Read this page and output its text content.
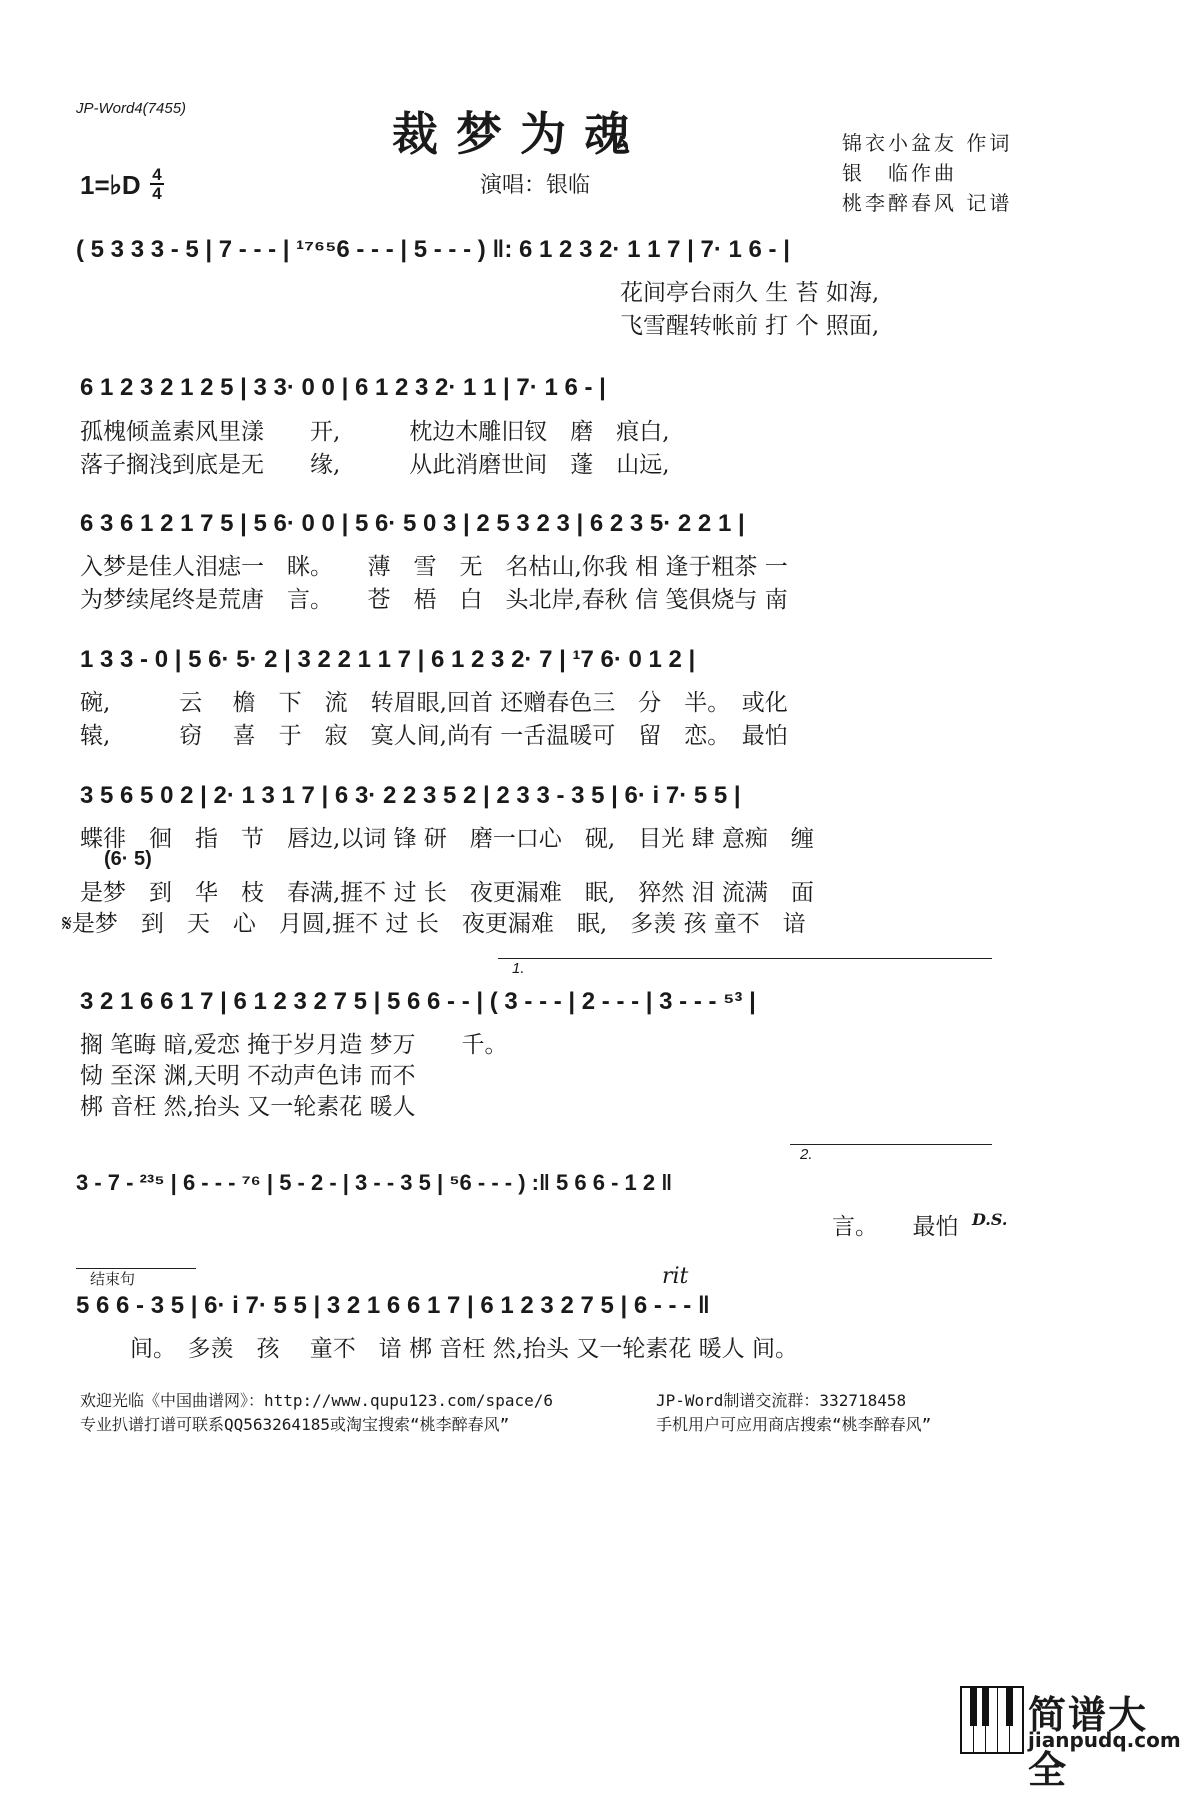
JP-Word4(7455)	裁梦为魂
1=♭D 4
4	演唱：银临
锦衣小盆友 作词
银　临作曲
桃李醉春风 记谱
( 5 3 3 3 - 5 | 7 - - - | ¹⁷⁶⁵6 - - - | 5 - - - ) ‖: 6 1 2 3 2· 1 1 7 | 7· 1 6 - |
花间亭台雨久 生 苔 如海,
飞雪醒转帐前 打 个 照面,
6 1 2 3 2 1 2 5 | 3 3· 0 0 | 6 1 2 3 2· 1 1 | 7· 1 6 - |
孤槐倾盖素风里漾　　开,　　　枕边木雕旧钗　磨　痕白,
落子搁浅到底是无　　缘,　　　从此消磨世间　蓬　山远,
6 3 6 1 2 1 7 5 | 5 6· 0 0 | 5 6· 5 0 3 | 2 5 3 2 3 | 6 2 3 5· 2 2 1 |
入梦是佳人泪痣一　眯。　　薄　雪　无　名枯山,你我 相 逢于粗茶 一
为梦续尾终是荒唐　言。　　苍　梧　白　头北岸,春秋 信 笺俱烧与 南
1 3 3 - 0 | 5 6· 5· 2 | 3 2 2 1 1 7 | 6 1 2 3 2· 7 | ¹7 6· 0 1 2 |
碗,　　　云　 檐　下　流　转眉眼,回首 还赠春色三　分　半。　或化
辕,　　　窃　 喜　于　寂　寞人间,尚有 一舌温暖可　留　恋。　最怕
3 5 6 5 0 2 | 2· 1 3 1 7 | 6 3· 2 2 3 5 2 | 2 3 3 - 3 5 | 6· i 7· 5 5 |
蝶徘　徊　指　节　唇边,以词 锋 研　磨一口心　砚,　目光 肆 意痴　缠
(6· 5)
是梦　到　华　枝　春满,捱不 过 长　夜更漏难　眠,　猝然 泪 流满　面
𝄋是梦　到　天　心　月圆,捱不 过 长　夜更漏难　眠,　多羡 孩 童不　谙
1.
3 2 1 6 6 1 7 | 6 1 2 3 2 7 5 | 5 6 6 - - | ( 3 - - - | 2 - - - | 3 - - - ⁵³ |
搁 笔晦 暗,爱恋 掩于岁月造 梦万　　千。
恸 至深 渊,天明 不动声色讳 而不
梆 音枉 然,抬头 又一轮素花 暖人
2.
3 - 7 - ²³⁵ | 6 - - - ⁷⁶ | 5 - 2 - | 3 - - 3 5 | ⁵6 - - - ) :‖ 5 6 6 - 1 2 ‖
言。　　最怕 D.S.
结束句	rit
5 6 6 - 3 5 | 6· i 7· 5 5 | 3 2 1 6 6 1 7 | 6 1 2 3 2 7 5 | 6 - - - ‖
间。　多羡　孩　 童不　谙 梆 音枉 然,抬头 又一轮素花 暖人 间。
欢迎光临《中国曲谱网》：http://www.qupu123.com/space/6
专业扒谱打谱可联系QQ563264185或淘宝搜索“桃李醉春风”
JP-Word制谱交流群：332718458
手机用户可应用商店搜索“桃李醉春风”
简谱大全
jianpudq.com
